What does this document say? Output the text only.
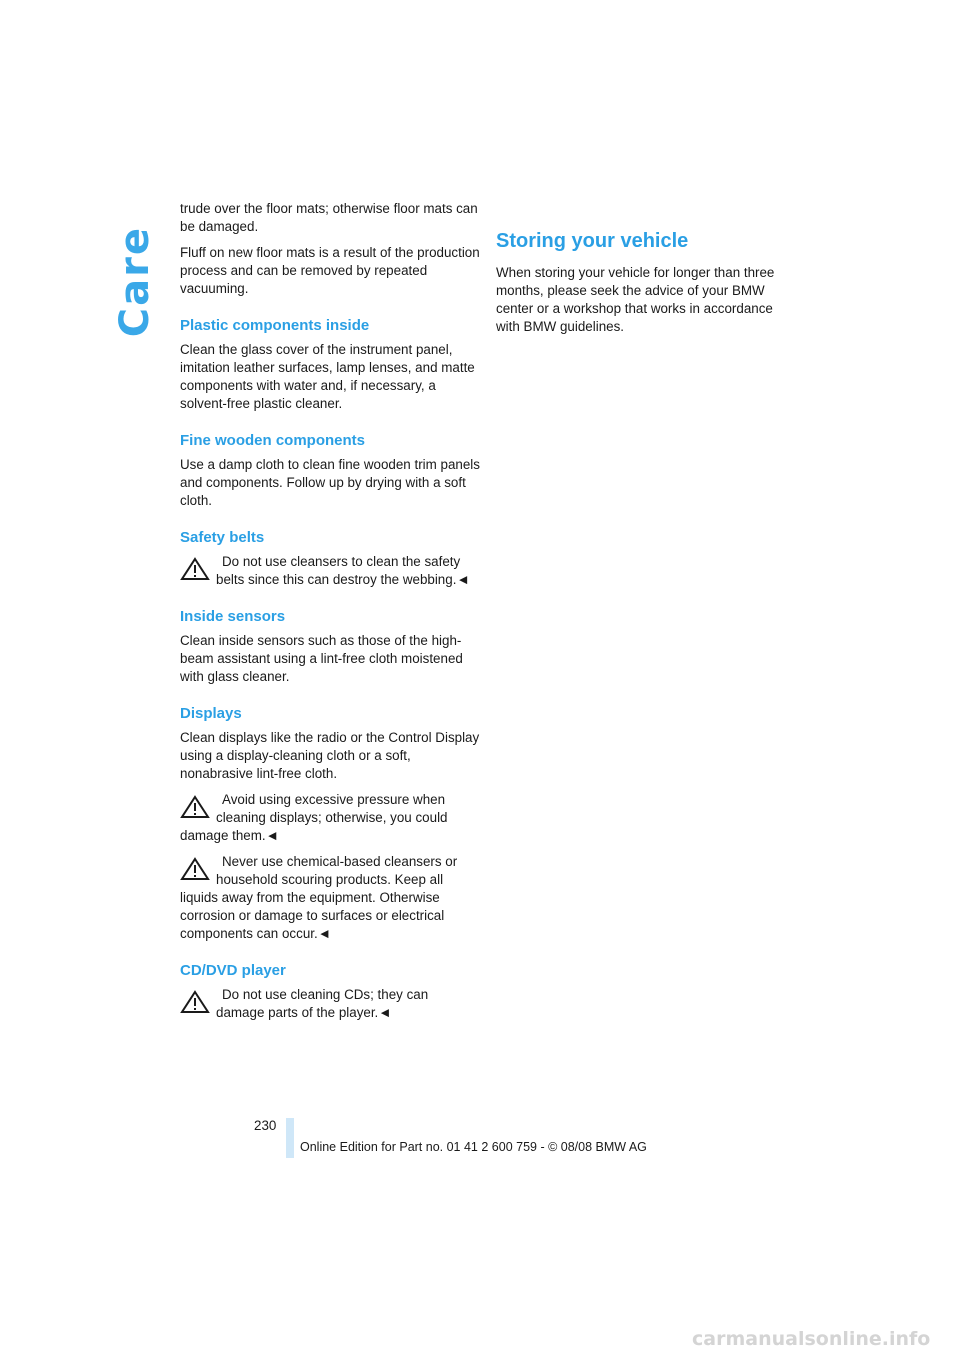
Care

trude over the floor mats; otherwise floor mats can be damaged.

Fluff on new floor mats is a result of the production process and can be removed by repeated vacuuming.

Plastic components inside

Clean the glass cover of the instrument panel, imitation leather surfaces, lamp lenses, and matte components with water and, if necessary, a solvent-free plastic cleaner.

Fine wooden components

Use a damp cloth to clean fine wooden trim panels and components. Follow up by drying with a soft cloth.

Safety belts
Do not use cleansers to clean the safety belts since this can destroy the webbing.◄
Inside sensors

Clean inside sensors such as those of the high-beam assistant using a lint-free cloth moistened with glass cleaner.

Displays

Clean displays like the radio or the Control Display using a display-cleaning cloth or a soft, nonabrasive lint-free cloth.

Avoid using excessive pressure when cleaning displays; otherwise, you could damage them.◄
Never use chemical-based cleansers or household scouring products. Keep all liquids away from the equipment. Otherwise corrosion or damage to surfaces or electrical components can occur.◄
CD/DVD player
Do not use cleaning CDs; they can damage parts of the player.◄
Storing your vehicle

When storing your vehicle for longer than three months, please seek the advice of your BMW center or a workshop that works in accordance with BMW guidelines.

230
Online Edition for Part no. 01 41 2 600 759 - © 08/08 BMW AG
carmanualsonline.info
